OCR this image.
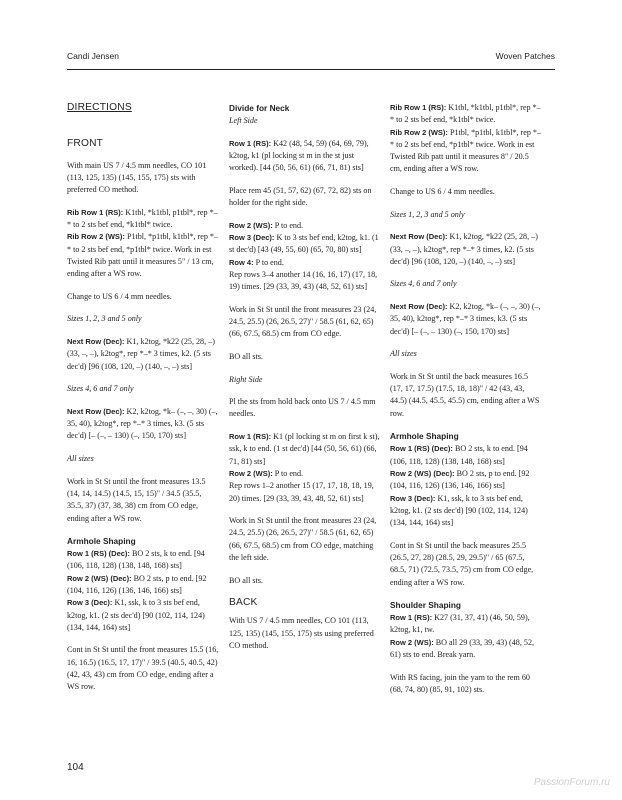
Candi Jensen	Woven Patches
DIRECTIONS
FRONT

With main US 7 / 4.5 mm needles, CO 101 (113, 125, 135) (145, 155, 175) sts with preferred CO method.

Rib Row 1 (RS): K1tbl, *k1tbl, p1tbl*, rep *–* to 2 sts bef end, *k1tbl* twice.

Rib Row 2 (WS): P1tbl, *p1tbl, k1tbl*, rep *–* to 2 sts bef end, *p1tbl* twice. Work in est Twisted Rib patt until it measures 5" / 13 cm, ending after a WS row.

Change to US 6 / 4 mm needles.

Sizes 1, 2, 3 and 5 only

Next Row (Dec): K1, k2tog, *k22 (25, 28, –) (33, –, –), k2tog*, rep *–* 3 times, k2. (5 sts dec'd) [96 (108, 120, –) (140, –, –) sts]

Sizes 4, 6 and 7 only

Next Row (Dec): K2, k2tog, *k– (–, –, 30) (–, 35, 40), k2tog*, rep *–* 3 times, k3. (5 sts dec'd) [– (–, – 130) (–, 150, 170) sts]

All sizes

Work in St St until the front measures 13.5 (14, 14, 14.5) (14.5, 15, 15)" / 34.5 (35.5, 35.5, 37) (37, 38, 38) cm from CO edge, ending after a WS row.

Armhole Shaping

Row 1 (RS) (Dec): BO 2 sts, k to end. [94 (106, 118, 128) (138, 148, 168) sts]

Row 2 (WS) (Dec): BO 2 sts, p to end. [92 (104, 116, 126) (136, 146, 166) sts]

Row 3 (Dec): K1, ssk, k to 3 sts bef end, k2tog, k1. (2 sts dec'd) [90 (102, 114, 124) (134, 144, 164) sts]

Cont in St St until the front measures 15.5 (16, 16, 16.5) (16.5, 17, 17)" / 39.5 (40.5, 40.5, 42) (42, 43, 43) cm from CO edge, ending after a WS row.

Divide for Neck

Left Side

Row 1 (RS): K42 (48, 54, 59) (64, 69, 79), k2tog, k1 (pl locking st m in the st just worked). [44 (50, 56, 61) (66, 71, 81) sts]

Place rem 45 (51, 57, 62) (67, 72, 82) sts on holder for the right side.

Row 2 (WS): P to end.

Row 3 (Dec): K to 3 sts bef end, k2tog, k1. (1 st dec'd) [43 (49, 55, 60) (65, 70, 80) sts]

Row 4: P to end.

Rep rows 3–4 another 14 (16, 16, 17) (17, 18, 19) times. [29 (33, 39, 43) (48, 52, 61) sts]

Work in St St until the front measures 23 (24, 24.5, 25.5) (26, 26.5, 27)" / 58.5 (61, 62, 65) (66, 67.5, 68.5) cm from CO edge.

BO all sts.

Right Side

Pl the sts from hold back onto US 7 / 4.5 mm needles.

Row 1 (RS): K1 (pl locking st m on first k st), ssk, k to end. (1 st dec'd) [44 (50, 56, 61) (66, 71, 81) sts]

Row 2 (WS): P to end.

Rep rows 1–2 another 15 (17, 17, 18, 18, 19, 20) times. [29 (33, 39, 43, 48, 52, 61) sts]

Work in St St until the front measures 23 (24, 24.5, 25.5) (26, 26.5, 27)" / 58.5 (61, 62, 65) (66, 67.5, 68.5) cm from CO edge, matching the left side.

BO all sts.

BACK

With US 7 / 4.5 mm needles, CO 101 (113, 125, 135) (145, 155, 175) sts using preferred CO method.

Rib Row 1 (RS): K1tbl, *k1tbl, p1tbl*, rep *–* to 2 sts bef end, *k1tbl* twice.

Rib Row 2 (WS): P1tbl, *p1tbl, k1tbl*, rep *–* to 2 sts bef end, *p1tbl* twice. Work in est Twisted Rib patt until it measures 8" / 20.5 cm, ending after a WS row.

Change to US 6 / 4 mm needles.

Sizes 1, 2, 3 and 5 only

Next Row (Dec): K1, k2tog, *k22 (25, 28, –) (33, –, –), k2tog*, rep *–* 3 times, k2. (5 sts dec'd) [96 (108, 120, –) (140, –, –) sts]

Sizes 4, 6 and 7 only

Next Row (Dec): K2, k2tog, *k– (–, –, 30) (–, 35, 40), k2tog*, rep *–* 3 times, k3. (5 sts dec'd) [– (–, – 130) (–, 150, 170) sts]

All sizes

Work in St St until the back measures 16.5 (17, 17, 17.5) (17.5, 18, 18)" / 42 (43, 43, 44.5) (44.5, 45.5, 45.5) cm, ending after a WS row.

Armhole Shaping

Row 1 (RS) (Dec): BO 2 sts, k to end. [94 (106, 118, 128) (138, 148, 168) sts]

Row 2 (WS) (Dec): BO 2 sts, p to end. [92 (104, 116, 126) (136, 146, 166) sts]

Row 3 (Dec): K1, ssk, k to 3 sts bef end, k2tog, k1. (2 sts dec'd) [90 (102, 114, 124) (134, 144, 164) sts]

Cont in St St until the back measures 25.5 (26.5, 27, 28) (28.5, 29, 29.5)" / 65 (67.5, 68.5, 71) (72.5, 73.5, 75) cm from CO edge, ending after a WS row.

Shoulder Shaping

Row 1 (RS): K27 (31, 37, 41) (46, 50, 59), k2tog, k1, tw.

Row 2 (WS): BO all 29 (33, 39, 43) (48, 52, 61) sts to end. Break yarn.

With RS facing, join the yarn to the rem 60 (68, 74, 80) (85, 91, 102) sts.

104
PassionForum.ru
